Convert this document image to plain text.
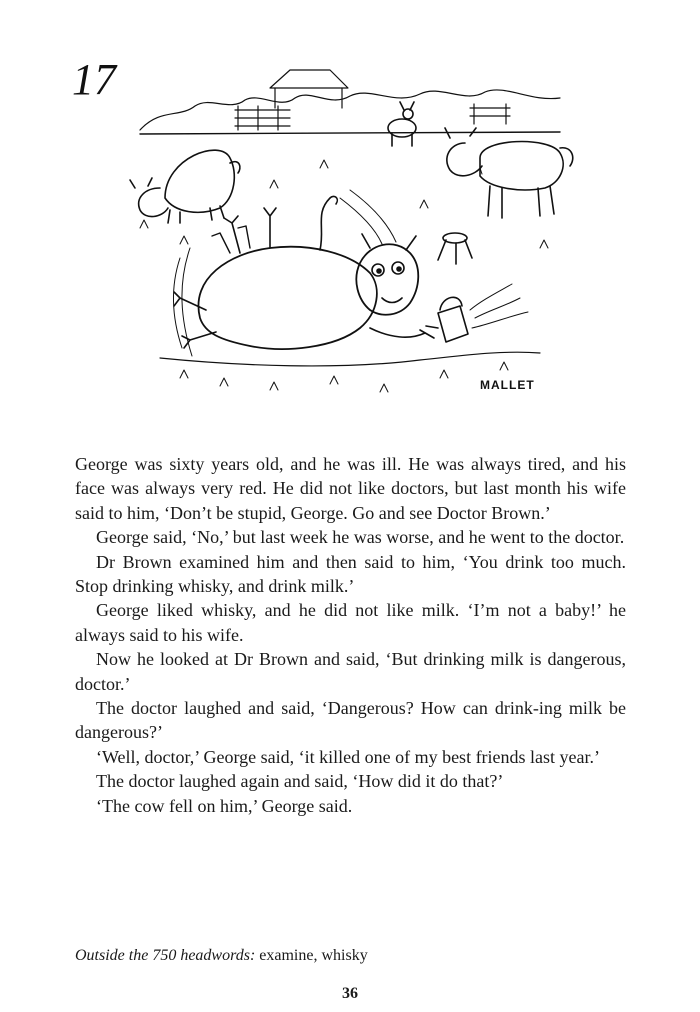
17
MALLET

George was sixty years old, and he was ill. He was always tired, and his face was always very red. He did not like doctors, but last month his wife said to him, ‘Don’t be stupid, George. Go and see Doctor Brown.’

George said, ‘No,’ but last week he was worse, and he went to the doctor.

Dr Brown examined him and then said to him, ‘You drink too much. Stop drinking whisky, and drink milk.’

George liked whisky, and he did not like milk. ‘I’m not a baby!’ he always said to his wife.

Now he looked at Dr Brown and said, ‘But drinking milk is dangerous, doctor.’

The doctor laughed and said, ‘Dangerous? How can drink-ing milk be dangerous?’

‘Well, doctor,’ George said, ‘it killed one of my best friends last year.’

The doctor laughed again and said, ‘How did it do that?’

‘The cow fell on him,’ George said.

Outside the 750 headwords: examine, whisky
36
